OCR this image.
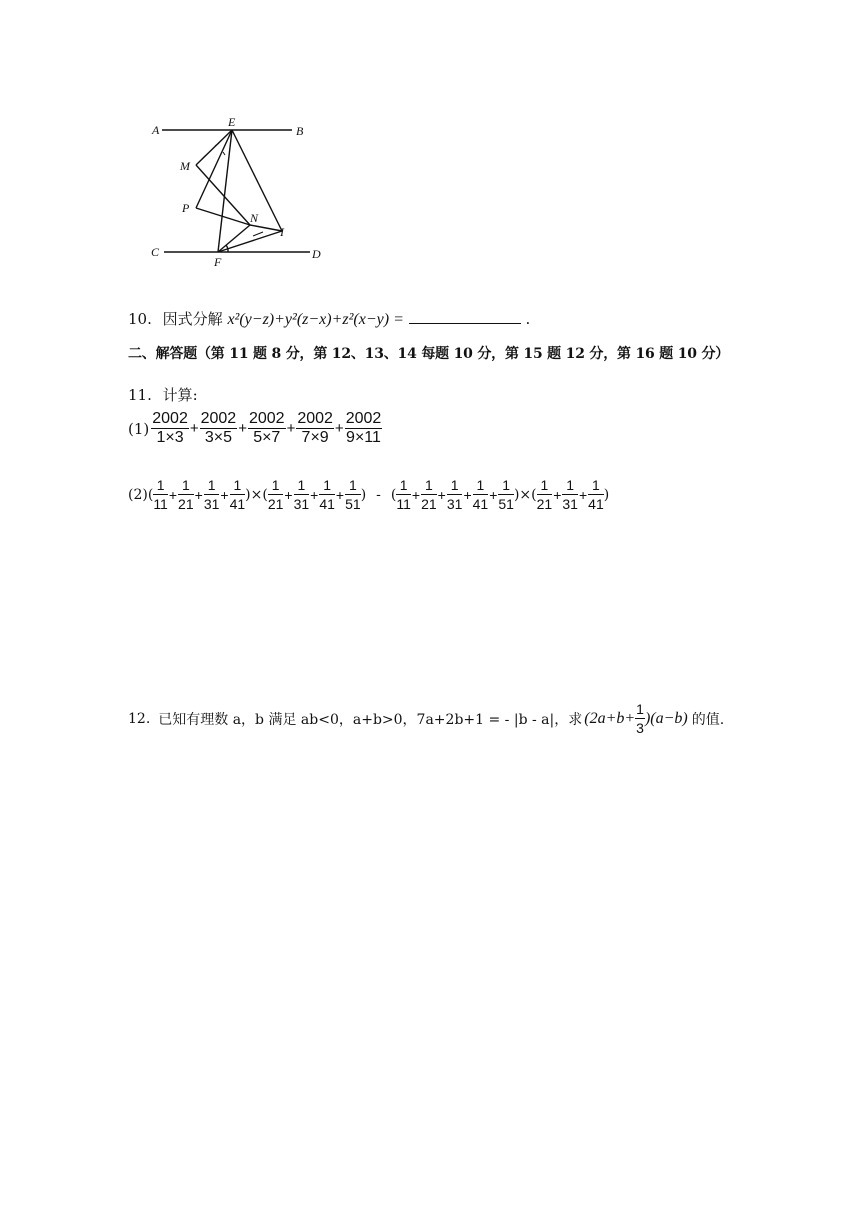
A
E
B
M
P
N
I
C
F
D
10. 因式分解 x²(y−z)+y²(z−x)+z²(x−y) =	.
二、解答题（第 11 题 8 分，第 12、13、14 每题 10 分，第 15 题 12 分，第 16 题 10 分）
11. 计算:
$(1) \frac{2002}{1\times 3} + \frac{2002}{3\times 5} + \frac{2002}{5\times 7} + \frac{2002}{7\times 9} + \frac{2002}{9\times 11}$
(2) ( $\frac{1}{11} + \frac{1}{21} + \frac{1}{31} + \frac{1}{41}$ )×( $\frac{1}{21} + \frac{1}{31} + \frac{1}{41} + \frac{1}{51}$ ) - ( $\frac{1}{11} + \frac{1}{21} + \frac{1}{31} + \frac{1}{41} + \frac{1}{51}$ )×( $\frac{1}{21} + \frac{1}{31} + \frac{1}{41}$ )
12. 已知有理数 a，b 满足 ab<0，a+b>0，7a+2b+1 = - |b - a|，求 $(2a+b+ \frac{1}{3} )(a-b)$ 的值.
